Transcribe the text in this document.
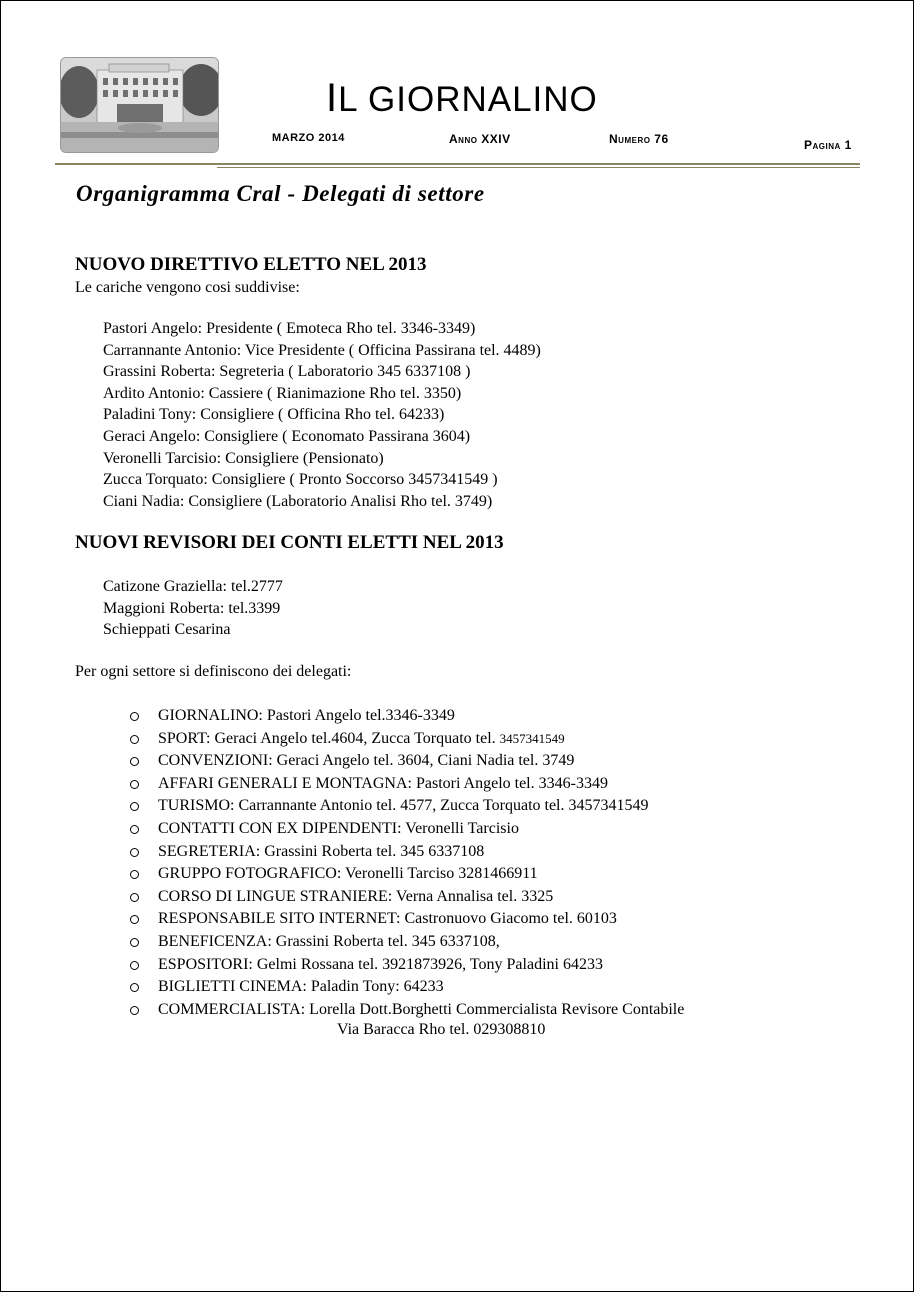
IL GIORNALINO
MARZO 2014	Anno XXIV	Numero 76	Pagina 1
Organigramma Cral - Delegati di settore
NUOVO DIRETTIVO ELETTO NEL 2013
Le cariche vengono cosi suddivise:
Pastori Angelo: Presidente ( Emoteca Rho tel. 3346-3349)
Carrannante Antonio: Vice Presidente ( Officina Passirana tel. 4489)
Grassini Roberta: Segreteria ( Laboratorio 345 6337108 )
Ardito Antonio: Cassiere ( Rianimazione Rho tel. 3350)
Paladini Tony: Consigliere ( Officina Rho tel. 64233)
Geraci Angelo: Consigliere ( Economato Passirana 3604)
Veronelli Tarcisio: Consigliere (Pensionato)
Zucca Torquato: Consigliere ( Pronto Soccorso 3457341549 )
Ciani Nadia: Consigliere (Laboratorio Analisi Rho tel. 3749)
NUOVI REVISORI DEI CONTI ELETTI NEL 2013
Catizone Graziella: tel.2777
Maggioni Roberta: tel.3399
Schieppati Cesarina
Per ogni settore si definiscono dei delegati:
GIORNALINO: Pastori Angelo tel.3346-3349
SPORT: Geraci Angelo tel.4604, Zucca Torquato tel. 3457341549
CONVENZIONI: Geraci Angelo tel. 3604, Ciani Nadia tel. 3749
AFFARI GENERALI E MONTAGNA: Pastori Angelo tel. 3346-3349
TURISMO: Carrannante Antonio tel. 4577, Zucca Torquato tel. 3457341549
CONTATTI CON EX DIPENDENTI: Veronelli Tarcisio
SEGRETERIA: Grassini Roberta tel. 345 6337108
GRUPPO FOTOGRAFICO: Veronelli Tarciso 3281466911
CORSO DI LINGUE STRANIERE: Verna Annalisa tel. 3325
RESPONSABILE SITO INTERNET: Castronuovo Giacomo tel. 60103
BENEFICENZA: Grassini Roberta tel. 345 6337108,
ESPOSITORI: Gelmi Rossana tel. 3921873926, Tony Paladini 64233
BIGLIETTI CINEMA: Paladin Tony: 64233
COMMERCIALISTA: Lorella Dott.Borghetti Commercialista Revisore Contabile
Via Baracca Rho tel. 029308810
